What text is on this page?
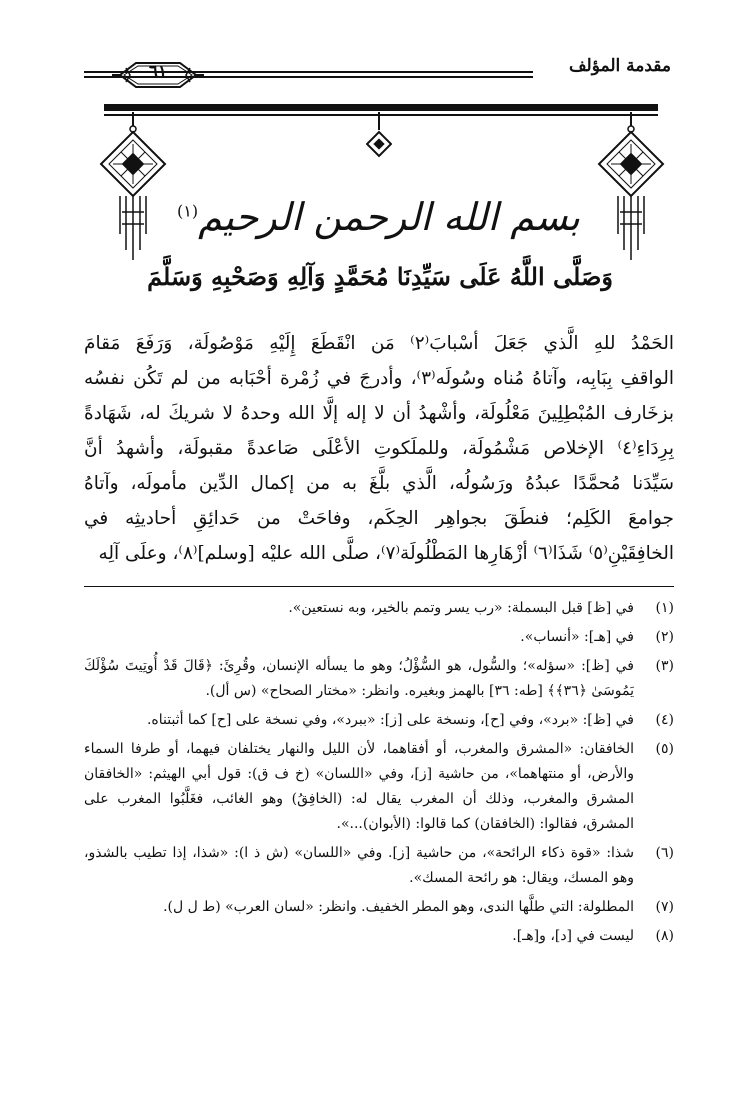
مقدمة المؤلف
٦١
بسم الله الرحمن الرحيم$^{(١)}$
وَصَلَّى اللَّهُ عَلَى سَيِّدِنَا مُحَمَّدٍ وَآلِهِ وَصَحْبِهِ وَسَلَّمَ
الحَمْدُ للهِ الَّذي جَعَلَ أسْبابَ⁽٢⁾ مَن انْقَطَعَ إِلَيْهِ مَوْصُولَة، وَرَفَعَ مَقامَ
الواقفِ بِبَابِه، وآتاهُ مُناه وسُولَه⁽٣⁾، وأدرجَ في زُمْرة أحْبَابه من لم تَكُن نفسُه
بزخَارف المُبْطِلِينَ مَعْلُولَة، وأشْهدُ أن لا إله إلَّا الله وحدهُ لا شريكَ له، شَهَادةً
بِرِدَاءِ⁽٤⁾ الإخلاص مَشْمُولَة، وللملَكوتِ الأعْلَى صَاعدةً مقبولَة، وأشهدُ أنَّ
سَيِّدَنا مُحمَّدًا عبدُهُ ورَسُولُه، الَّذي بلَّغَ به من إكمال الدِّين مأمولَه، وآتاهُ
جوامعَ الكَلِم؛ فنطَقَ بجواهِر الحِكَم، وفاحَتْ من حَدائِقِ أحاديثِه في
الخافِقَيْنِ⁽٥⁾ شَذَا⁽٦⁾ أزْهَارِها المَطْلُولَة⁽٧⁾، صلَّى الله عليْه [وسلم]⁽٨⁾، وعلَى آلِه
(١)
في [ظ] قبل البسملة: «رب يسر وتمم بالخير، وبه نستعين».
(٢)
في [هـ]: «أنساب».
(٣)
في [ظ]: «سؤله»؛ والسُّول، هو السُّؤْلُ؛ وهو ما يسأله الإنسان، وقُرِئَ: ﴿قَالَ قَدْ أُوتِيتَ سُؤْلَكَ يَمُوسَىٰ ﴿٣٦﴾﴾ [طه: ٣٦] بالهمز وبغيره. وانظر: «مختار الصحاح» (س أل).
(٤)
في [ظ]: «برد»، وفي [ح]، ونسخة على [ز]: «ببرد»، وفي نسخة على [ح] كما أثبتناه.
(٥)
الخافقان: «المشرق والمغرب، أو أفقاهما، لأن الليل والنهار يختلفان فيهما، أو طرفا السماء والأرض، أو منتهاهما»، من حاشية [ز]، وفي «اللسان» (خ ف ق): قول أبي الهيثم: «الخافقان المشرق والمغرب، وذلك أن المغرب يقال له: (الخافِقُ) وهو الغائب، فغَلَّبُوا المغرب على المشرق، فقالوا: (الخافقان) كما قالوا: (الأبوان)...».
(٦)
شذا: «قوة ذكاء الرائحة»، من حاشية [ز]. وفي «اللسان» (ش ذ ا): «شذا، إذا تطيب بالشذو، وهو المسك، ويقال: هو رائحة المسك».
(٧)
المطلولة: التي طلَّها الندى، وهو المطر الخفيف. وانظر: «لسان العرب» (ط ل ل).
(٨)
ليست في [د]، و[هـ].
